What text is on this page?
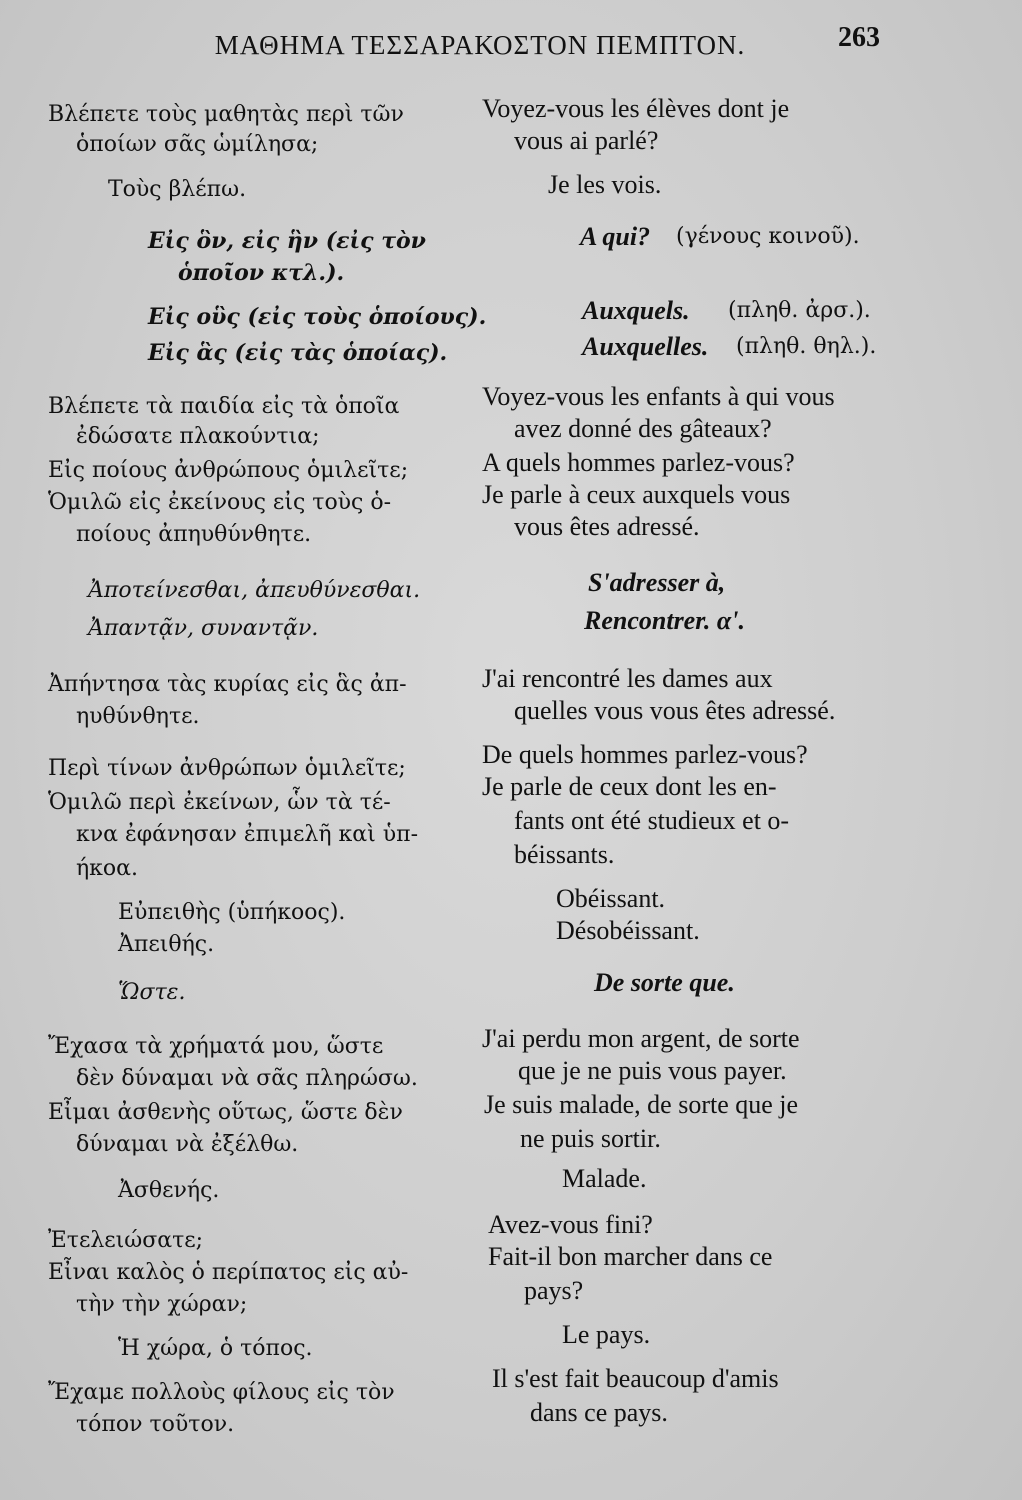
ΜΑΘΗΜΑ ΤΕΣΣΑΡΑΚΟΣΤΟΝ ΠΕΜΠΤΟΝ.	263
Βλέπετε τοὺς μαθητὰς περὶ τῶν
ὁποίων σᾶς ὡμίλησα;
Τοὺς βλέπω.
Εἰς ὃν, εἰς ἣν (εἰς τὸν
ὁποῖον κτλ.).
Εἰς οὓς (εἰς τοὺς ὁποίους).
Εἰς ἃς (εἰς τὰς ὁποίας).
Βλέπετε τὰ παιδία εἰς τὰ ὁποῖα
ἐδώσατε πλακούντια;
Εἰς ποίους ἀνθρώπους ὁμιλεῖτε;
Ὁμιλῶ εἰς ἐκείνους εἰς τοὺς ὁ-
ποίους ἀπηυθύνθητε.
Ἀποτείνεσθαι, ἀπευθύνεσθαι.
Ἀπαντᾷν, συναντᾷν.
Ἀπήντησα τὰς κυρίας εἰς ἃς ἀπ-
ηυθύνθητε.
Περὶ τίνων ἀνθρώπων ὁμιλεῖτε;
Ὁμιλῶ περὶ ἐκείνων, ὧν τὰ τέ-
κνα ἐφάνησαν ἐπιμελῆ καὶ ὑπ-
ήκοα.
Εὐπειθὴς (ὑπήκοος).
Ἀπειθής.
Ὥστε.
Ἔχασα τὰ χρήματά μου, ὥστε
δὲν δύναμαι νὰ σᾶς πληρώσω.
Εἶμαι ἀσθενὴς οὕτως, ὥστε δὲν
δύναμαι νὰ ἐξέλθω.
Ἀσθενής.
Ἐτελειώσατε;
Εἶναι καλὸς ὁ περίπατος εἰς αὐ-
τὴν τὴν χώραν;
Ἡ χώρα, ὁ τόπος.
Ἔχαμε πολλοὺς φίλους εἰς τὸν
τόπον τοῦτον.
Voyez-vous les élèves dont je
vous ai parlé?
Je les vois.
A qui? (γένους κοινοῦ).
Auxquels. (πληθ. ἀρσ.).
Auxquelles. (πληθ. θηλ.).
Voyez-vous les enfants à qui vous
avez donné des gâteaux?
A quels hommes parlez-vous?
Je parle à ceux auxquels vous
vous êtes adressé.
S'adresser à,
Rencontrer. α'.
J'ai rencontré les dames aux
quelles vous vous êtes adressé.
De quels hommes parlez-vous?
Je parle de ceux dont les en-
fants ont été studieux et o-
béissants.
Obéissant.
Désobéissant.
De sorte que.
J'ai perdu mon argent, de sorte
que je ne puis vous payer.
Je suis malade, de sorte que je
ne puis sortir.
Malade.
Avez-vous fini?
Fait-il bon marcher dans ce
pays?
Le pays.
Il s'est fait beaucoup d'amis
dans ce pays.
